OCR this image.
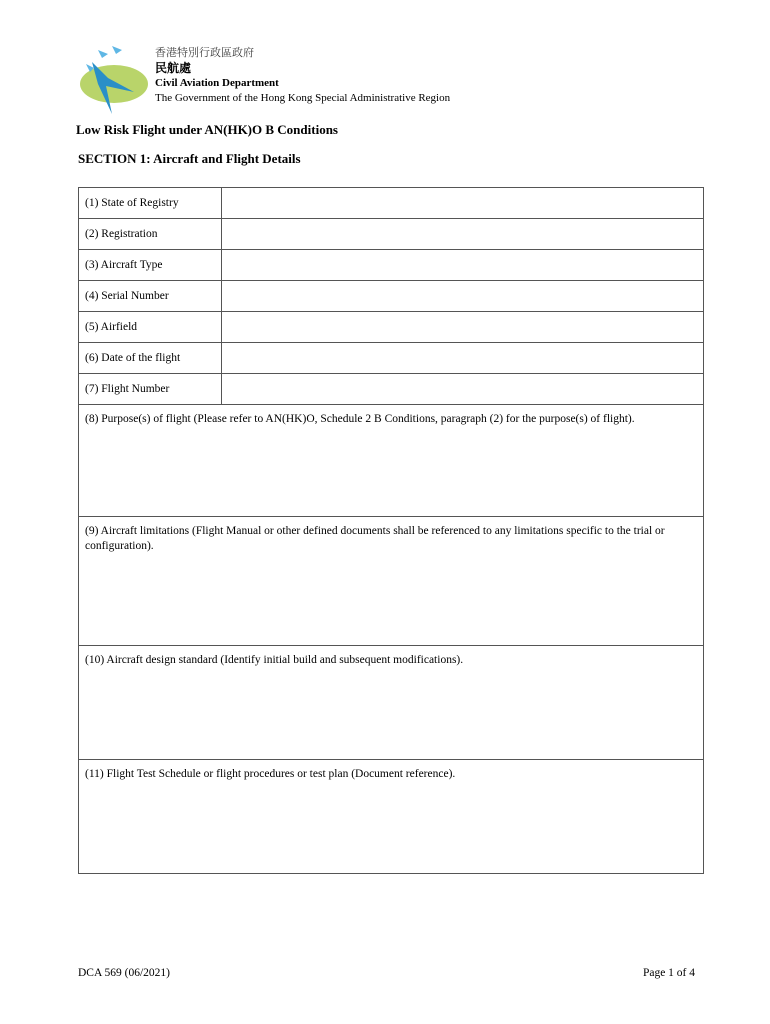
香港特別行政區政府
民航處
Civil Aviation Department
The Government of the Hong Kong Special Administrative Region
Low Risk Flight under AN(HK)O B Conditions
SECTION 1: Aircraft and Flight Details
(1) State of Registry	
(2) Registration	
(3) Aircraft Type	
(4) Serial Number	
(5) Airfield	
(6) Date of the flight	
(7) Flight Number	

(8) Purpose(s) of flight (Please refer to AN(HK)O, Schedule 2 B Conditions, paragraph (2) for the purpose(s) of flight).	

(9) Aircraft limitations (Flight Manual or other defined documents shall be referenced to any limitations specific to the trial or configuration).	

(10) Aircraft design standard (Identify initial build and subsequent modifications).	

(11) Flight Test Schedule or flight procedures or test plan (Document reference).	
DCA 569 (06/2021)	Page 1 of 4
